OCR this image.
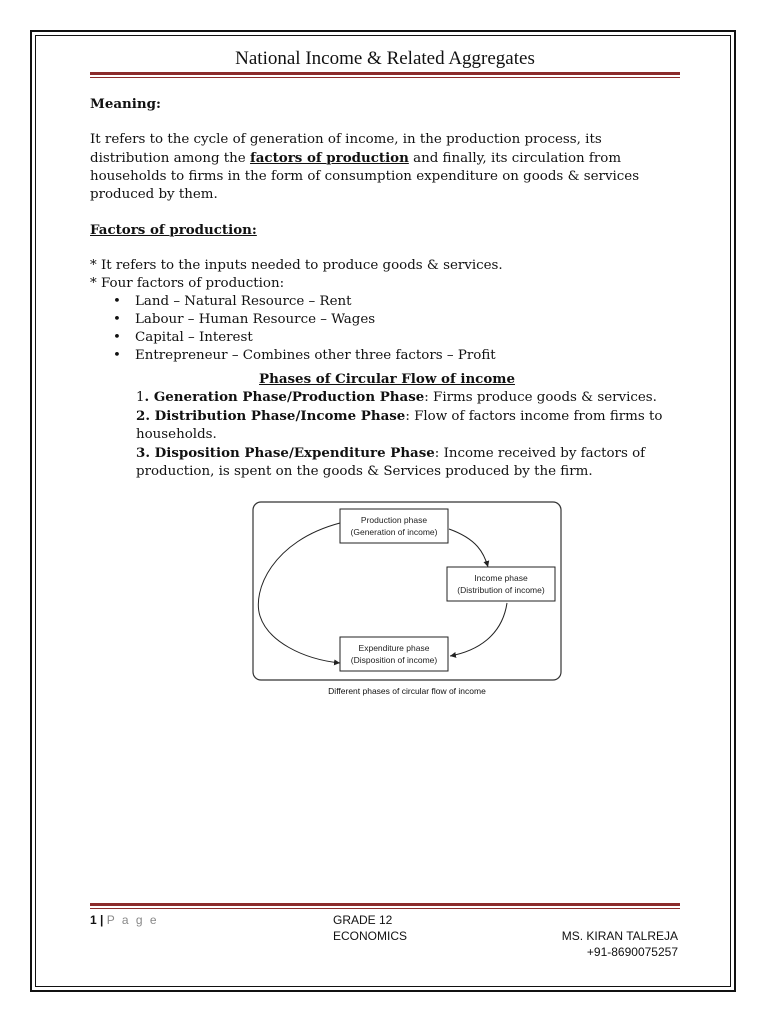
National Income & Related Aggregates

Meaning:

It refers to the cycle of generation of income, in the production process, its distribution among the factors of production and finally, its circulation from households to firms in the form of consumption expenditure on goods & services produced by them.

Factors of production:

* It refers to the inputs needed to produce goods & services.

* Four factors of production:

• Land – Natural Resource – Rent
• Labour – Human Resource – Wages
• Capital – Interest
• Entrepreneur – Combines other three factors – Profit

Phases of Circular Flow of income

1. Generation Phase/Production Phase: Firms produce goods & services.

2. Distribution Phase/Income Phase: Flow of factors income from firms to households.

3. Disposition Phase/Expenditure Phase: Income received by factors of production, is spent on the goods & Services produced by the firm.

Production phase
(Generation of income)
Income phase
(Distribution of income)
Expenditure phase
(Disposition of income)
Different phases of circular flow of income
1 | P a g e	GRADE 12
ECONOMICS	MS. KIRAN TALREJA
+91-8690075257
